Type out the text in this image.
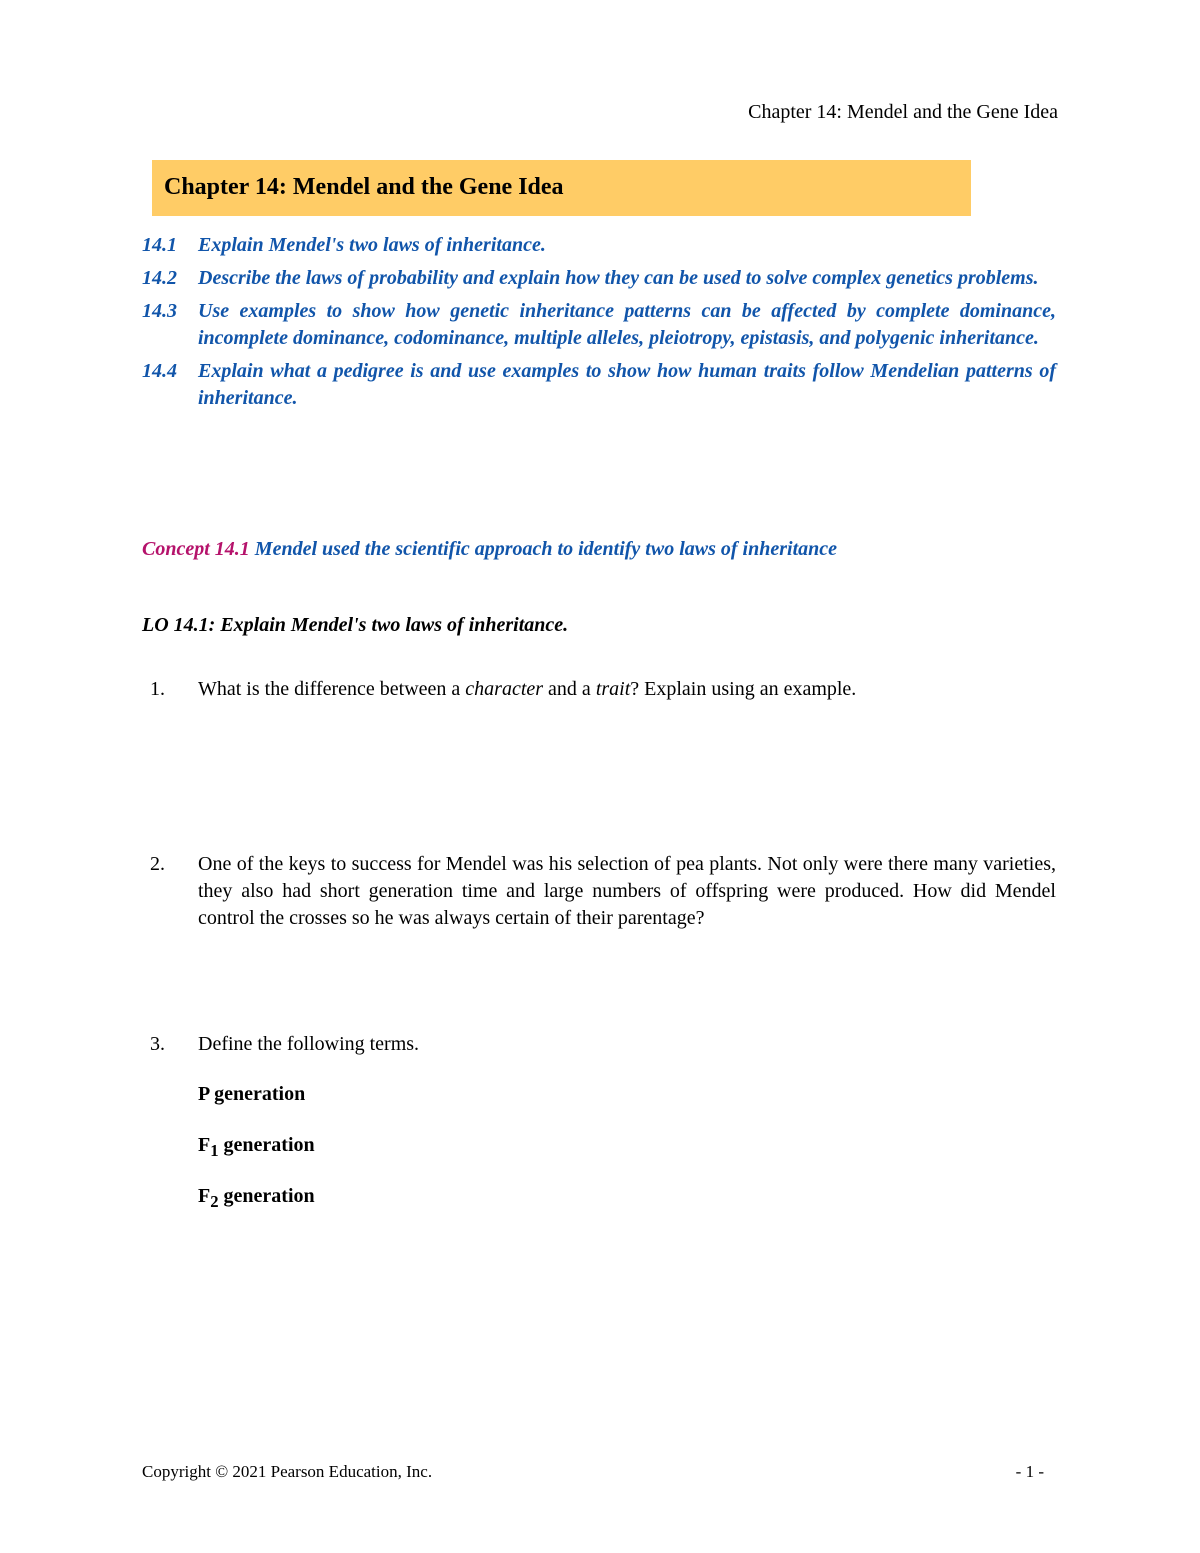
Chapter 14: Mendel and the Gene Idea
Chapter 14: Mendel and the Gene Idea
14.1 Explain Mendel's two laws of inheritance.
14.2 Describe the laws of probability and explain how they can be used to solve complex genetics problems.
14.3 Use examples to show how genetic inheritance patterns can be affected by complete dominance, incomplete dominance, codominance, multiple alleles, pleiotropy, epistasis, and polygenic inheritance.
14.4 Explain what a pedigree is and use examples to show how human traits follow Mendelian patterns of inheritance.
Concept 14.1 Mendel used the scientific approach to identify two laws of inheritance
LO 14.1: Explain Mendel's two laws of inheritance.
1. What is the difference between a character and a trait? Explain using an example.
2. One of the keys to success for Mendel was his selection of pea plants. Not only were there many varieties, they also had short generation time and large numbers of offspring were produced. How did Mendel control the crosses so he was always certain of their parentage?
3. Define the following terms.
P generation
$F_1$ generation
$F_2$ generation
Copyright © 2021 Pearson Education, Inc.	- 1 -
